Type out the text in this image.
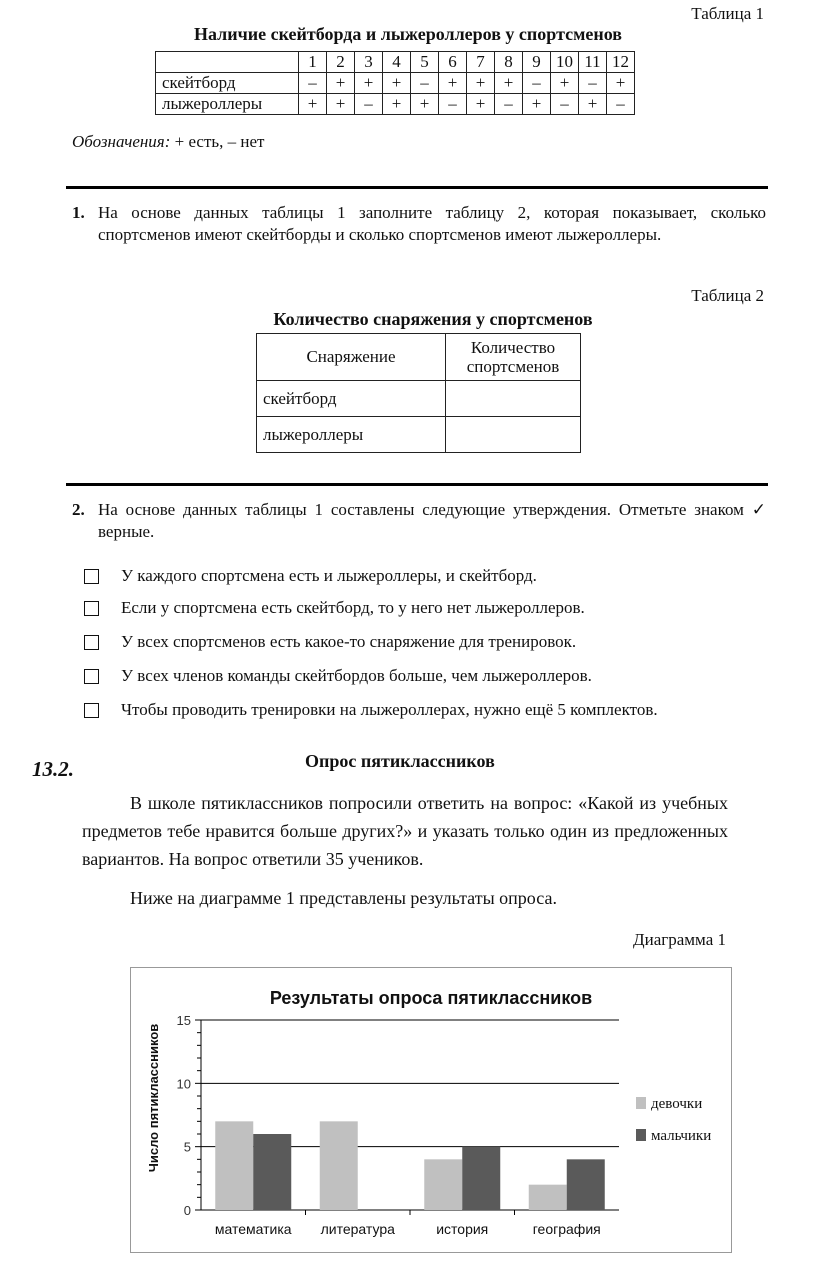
Таблица 1
Наличие скейтборда и лыжероллеров у спортсменов
	1	2	3	4	5	6	7	8	9	10	11	12
скейтборд	–	+	+	+	–	+	+	+	–	+	–	+
лыжероллеры	+	+	–	+	+	–	+	–	+	–	+	–
Обозначения: + есть, – нет
1. На основе данных таблицы 1 заполните таблицу 2, которая показывает, сколько спортсменов имеют скейтборды и сколько спортсменов имеют лыжероллеры.
Таблица 2
Количество снаряжения у спортсменов
Снаряжение	Количество спортсменов
скейтборд	
лыжероллеры	
2. На основе данных таблицы 1 составлены следующие утверждения. Отметьте знаком ✓ верные.
У каждого спортсмена есть и лыжероллеры, и скейтборд.
Если у спортсмена есть скейтборд, то у него нет лыжероллеров.
У всех спортсменов есть какое-то снаряжение для тренировок.
У всех членов команды скейтбордов больше, чем лыжероллеров.
Чтобы проводить тренировки на лыжероллерах, нужно ещё 5 комплектов.
13.2.	Опрос пятиклассников
В школе пятиклассников попросили ответить на вопрос: «Какой из учебных предметов тебе нравится больше других?» и указать только один из предложенных вариантов. На вопрос ответили 35 учеников.
Ниже на диаграмме 1 представлены результаты опроса.
Диаграмма 1
Результаты опроса пятиклассников
Число пятиклассников
0
5
10
15
математика литература	история	география
девочки
мальчики
